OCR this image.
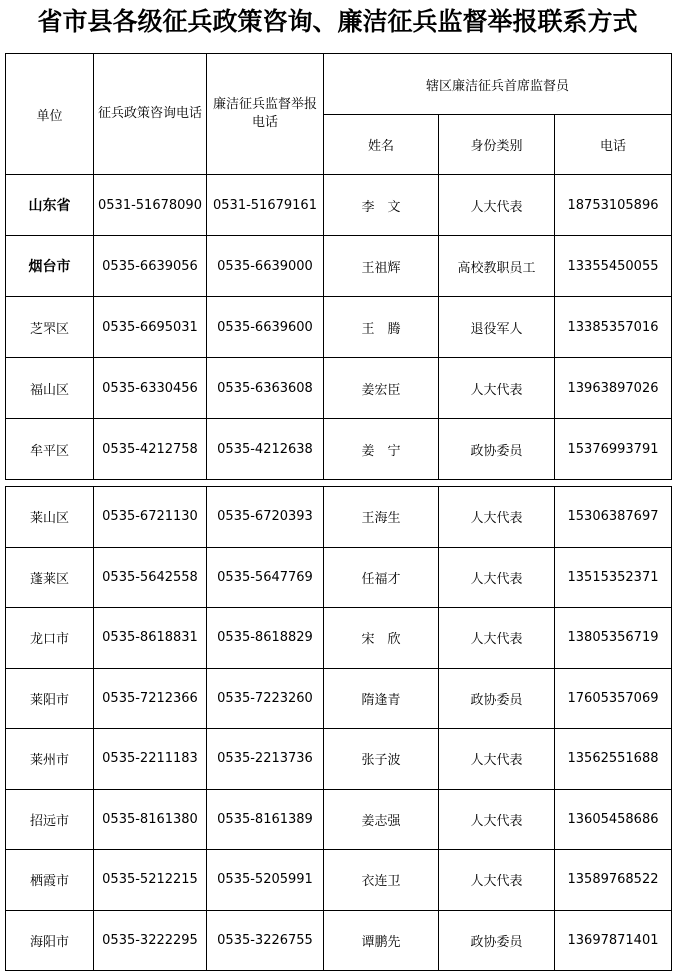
省市县各级征兵政策咨询、廉洁征兵监督举报联系方式
单位	征兵政策咨询电话	廉洁征兵监督举报电话	辖区廉洁征兵首席监督员		
			姓名	身份类别	电话
山东省	0531-51678090	0531-51679161	李　文	人大代表	18753105896
烟台市	0535-6639056	0535-6639000	王祖辉	高校教职员工	13355450055
芝罘区	0535-6695031	0535-6639600	王　腾	退役军人	13385357016
福山区	0535-6330456	0535-6363608	姜宏臣	人大代表	13963897026
牟平区	0535-4212758	0535-4212638	姜　宁	政协委员	15376993791
莱山区	0535-6721130	0535-6720393	王海生	人大代表	15306387697
蓬莱区	0535-5642558	0535-5647769	任福才	人大代表	13515352371
龙口市	0535-8618831	0535-8618829	宋　欣	人大代表	13805356719
莱阳市	0535-7212366	0535-7223260	隋逢青	政协委员	17605357069
莱州市	0535-2211183	0535-2213736	张子波	人大代表	13562551688
招远市	0535-8161380	0535-8161389	姜志强	人大代表	13605458686
栖霞市	0535-5212215	0535-5205991	衣连卫	人大代表	13589768522
海阳市	0535-3222295	0535-3226755	谭鹏先	政协委员	13697871401
